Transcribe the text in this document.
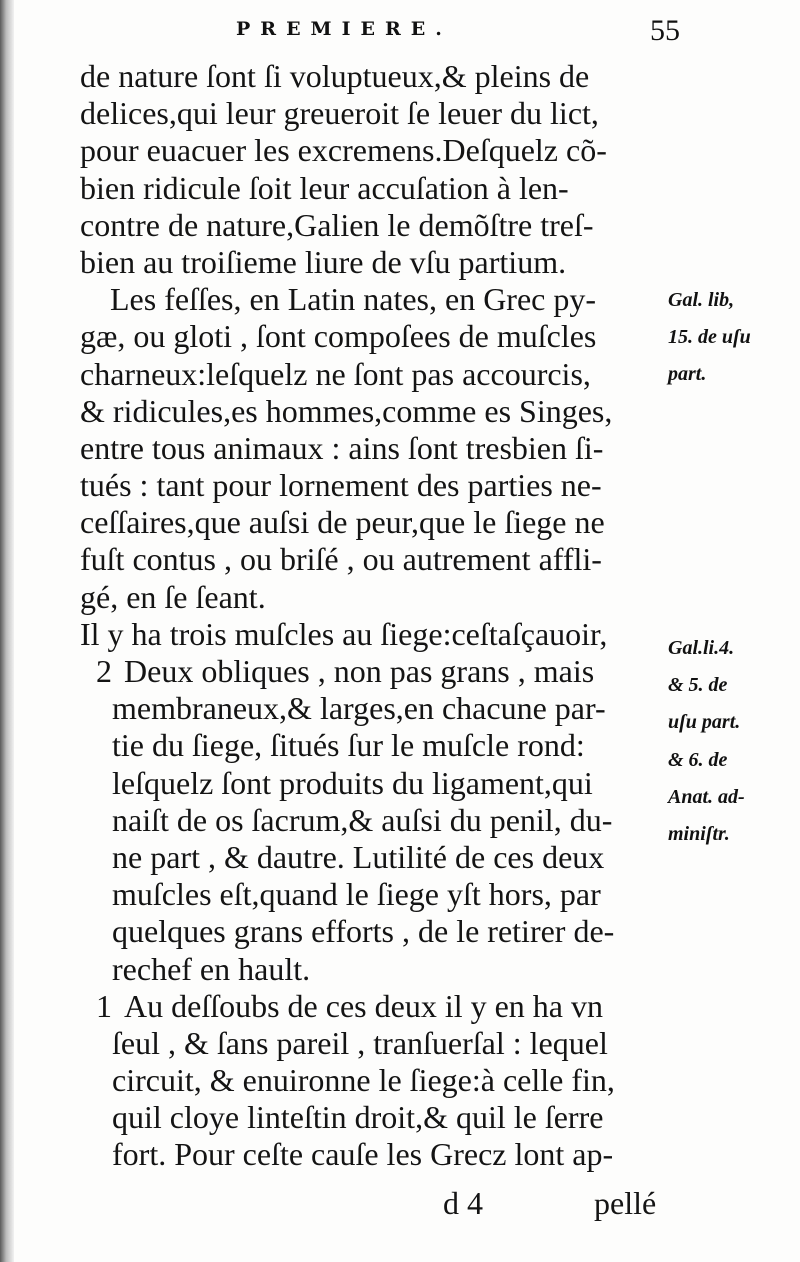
PREMIERE.	55
de nature ſont ſi voluptueux,& pleins de
delices,qui leur greueroit ſe leuer du lict,
pour euacuer les excremens.Deſquelz cõ-
bien ridicule ſoit leur accuſation à len-
contre de nature,Galien le demõſtre treſ-
bien au troiſieme liure de vſu partium.
Les feſſes, en Latin nates, en Grec py-
gæ, ou gloti , ſont compoſees de muſcles
charneux:leſquelz ne ſont pas accourcis,
& ridicules,es hommes,comme es Singes,
entre tous animaux : ains ſont tresbien ſi-
tués : tant pour lornement des parties ne-
ceſſaires,que auſsi de peur,que le ſiege ne
fuſt contus , ou briſé , ou autrement affli-
gé, en ſe ſeant.
Il y ha trois muſcles au ſiege:ceſtaſçauoir,
2 Deux obliques , non pas grans , mais
membraneux,& larges,en chacune par-
tie du ſiege, ſitués ſur le muſcle rond:
leſquelz ſont produits du ligament,qui
naiſt de os ſacrum,& auſsi du penil, du-
ne part , & dautre. Lutilité de ces deux
muſcles eſt,quand le ſiege yſt hors, par
quelques grans efforts , de le retirer de-
rechef en hault.
1 Au deſſoubs de ces deux il y en ha vn
ſeul , & ſans pareil , tranſuerſal : lequel
circuit, & enuironne le ſiege:à celle fin,
quil cloye linteſtin droit,& quil le ſerre
fort. Pour ceſte cauſe les Grecz lont ap-
Gal. lib,
15. de uſu
part.
Gal.li.4.
& 5. de
uſu part.
& 6. de
Anat. ad-
miniſtr.
d 4	pellé
